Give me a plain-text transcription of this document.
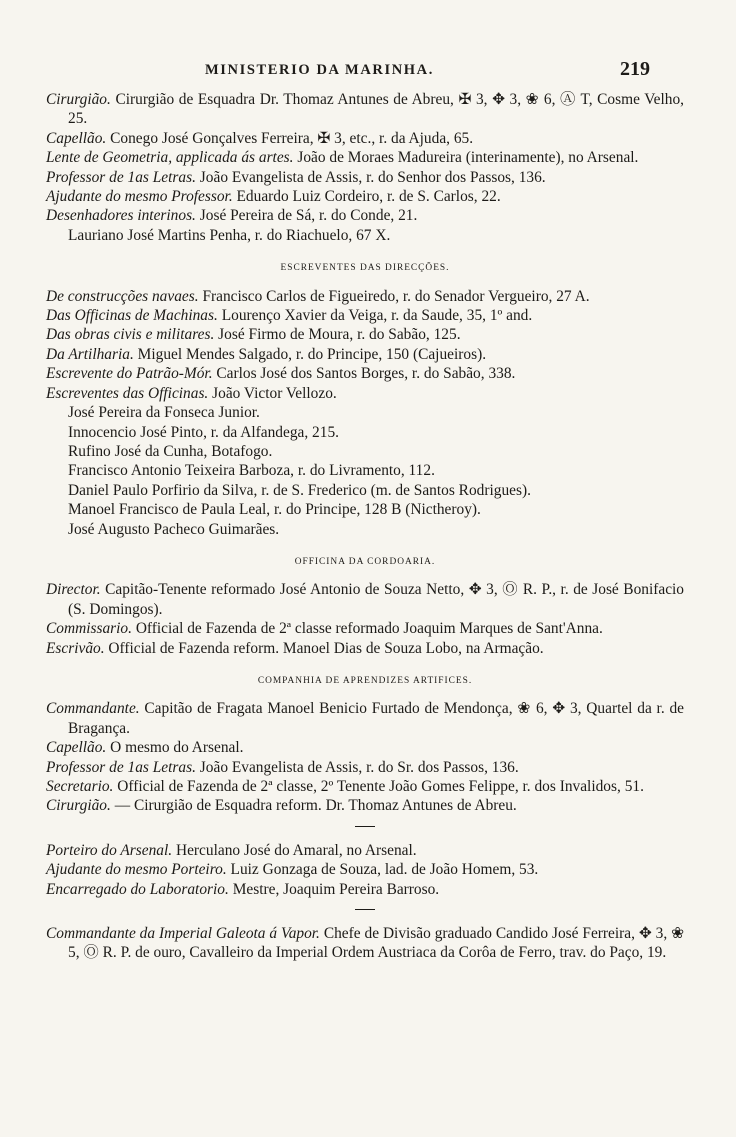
MINISTERIO DA MARINHA.	219

Cirurgião. Cirurgião de Esquadra Dr. Thomaz Antunes de Abreu, ✠ 3, ✥ 3, ❀ 6, Ⓐ T, Cosme Velho, 25.

Capellão. Conego José Gonçalves Ferreira, ✠ 3, etc., r. da Ajuda, 65.

Lente de Geometria, applicada ás artes. João de Moraes Madureira (interinamente), no Arsenal.

Professor de 1as Letras. João Evangelista de Assis, r. do Senhor dos Passos, 136.

Ajudante do mesmo Professor. Eduardo Luiz Cordeiro, r. de S. Carlos, 22.

Desenhadores interinos. José Pereira de Sá, r. do Conde, 21.

Lauriano José Martins Penha, r. do Riachuelo, 67 X.

ESCREVENTES DAS DIRECÇÕES.

De construcções navaes. Francisco Carlos de Figueiredo, r. do Senador Vergueiro, 27 A.

Das Officinas de Machinas. Lourenço Xavier da Veiga, r. da Saude, 35, 1º and.

Das obras civis e militares. José Firmo de Moura, r. do Sabão, 125.

Da Artilharia. Miguel Mendes Salgado, r. do Principe, 150 (Cajueiros).

Escrevente do Patrão-Mór. Carlos José dos Santos Borges, r. do Sabão, 338.

Escreventes das Officinas. João Victor Vellozo.

José Pereira da Fonseca Junior.

Innocencio José Pinto, r. da Alfandega, 215.

Rufino José da Cunha, Botafogo.

Francisco Antonio Teixeira Barboza, r. do Livramento, 112.

Daniel Paulo Porfirio da Silva, r. de S. Frederico (m. de Santos Rodrigues).

Manoel Francisco de Paula Leal, r. do Principe, 128 B (Nictheroy).

José Augusto Pacheco Guimarães.

OFFICINA DA CORDOARIA.

Director. Capitão-Tenente reformado José Antonio de Souza Netto, ✥ 3, Ⓞ R. P., r. de José Bonifacio (S. Domingos).

Commissario. Official de Fazenda de 2ª classe reformado Joaquim Marques de Sant'Anna.

Escrivão. Official de Fazenda reform. Manoel Dias de Souza Lobo, na Armação.

COMPANHIA DE APRENDIZES ARTIFICES.

Commandante. Capitão de Fragata Manoel Benicio Furtado de Mendonça, ❀ 6, ✥ 3, Quartel da r. de Bragança.

Capellão. O mesmo do Arsenal.

Professor de 1as Letras. João Evangelista de Assis, r. do Sr. dos Passos, 136.

Secretario. Official de Fazenda de 2ª classe, 2º Tenente João Gomes Felippe, r. dos Invalidos, 51.

Cirurgião. — Cirurgião de Esquadra reform. Dr. Thomaz Antunes de Abreu.

Porteiro do Arsenal. Herculano José do Amaral, no Arsenal.

Ajudante do mesmo Porteiro. Luiz Gonzaga de Souza, lad. de João Homem, 53.

Encarregado do Laboratorio. Mestre, Joaquim Pereira Barroso.

Commandante da Imperial Galeota á Vapor. Chefe de Divisão graduado Candido José Ferreira, ✥ 3, ❀ 5, Ⓞ R. P. de ouro, Cavalleiro da Imperial Ordem Austriaca da Corôa de Ferro, trav. do Paço, 19.
